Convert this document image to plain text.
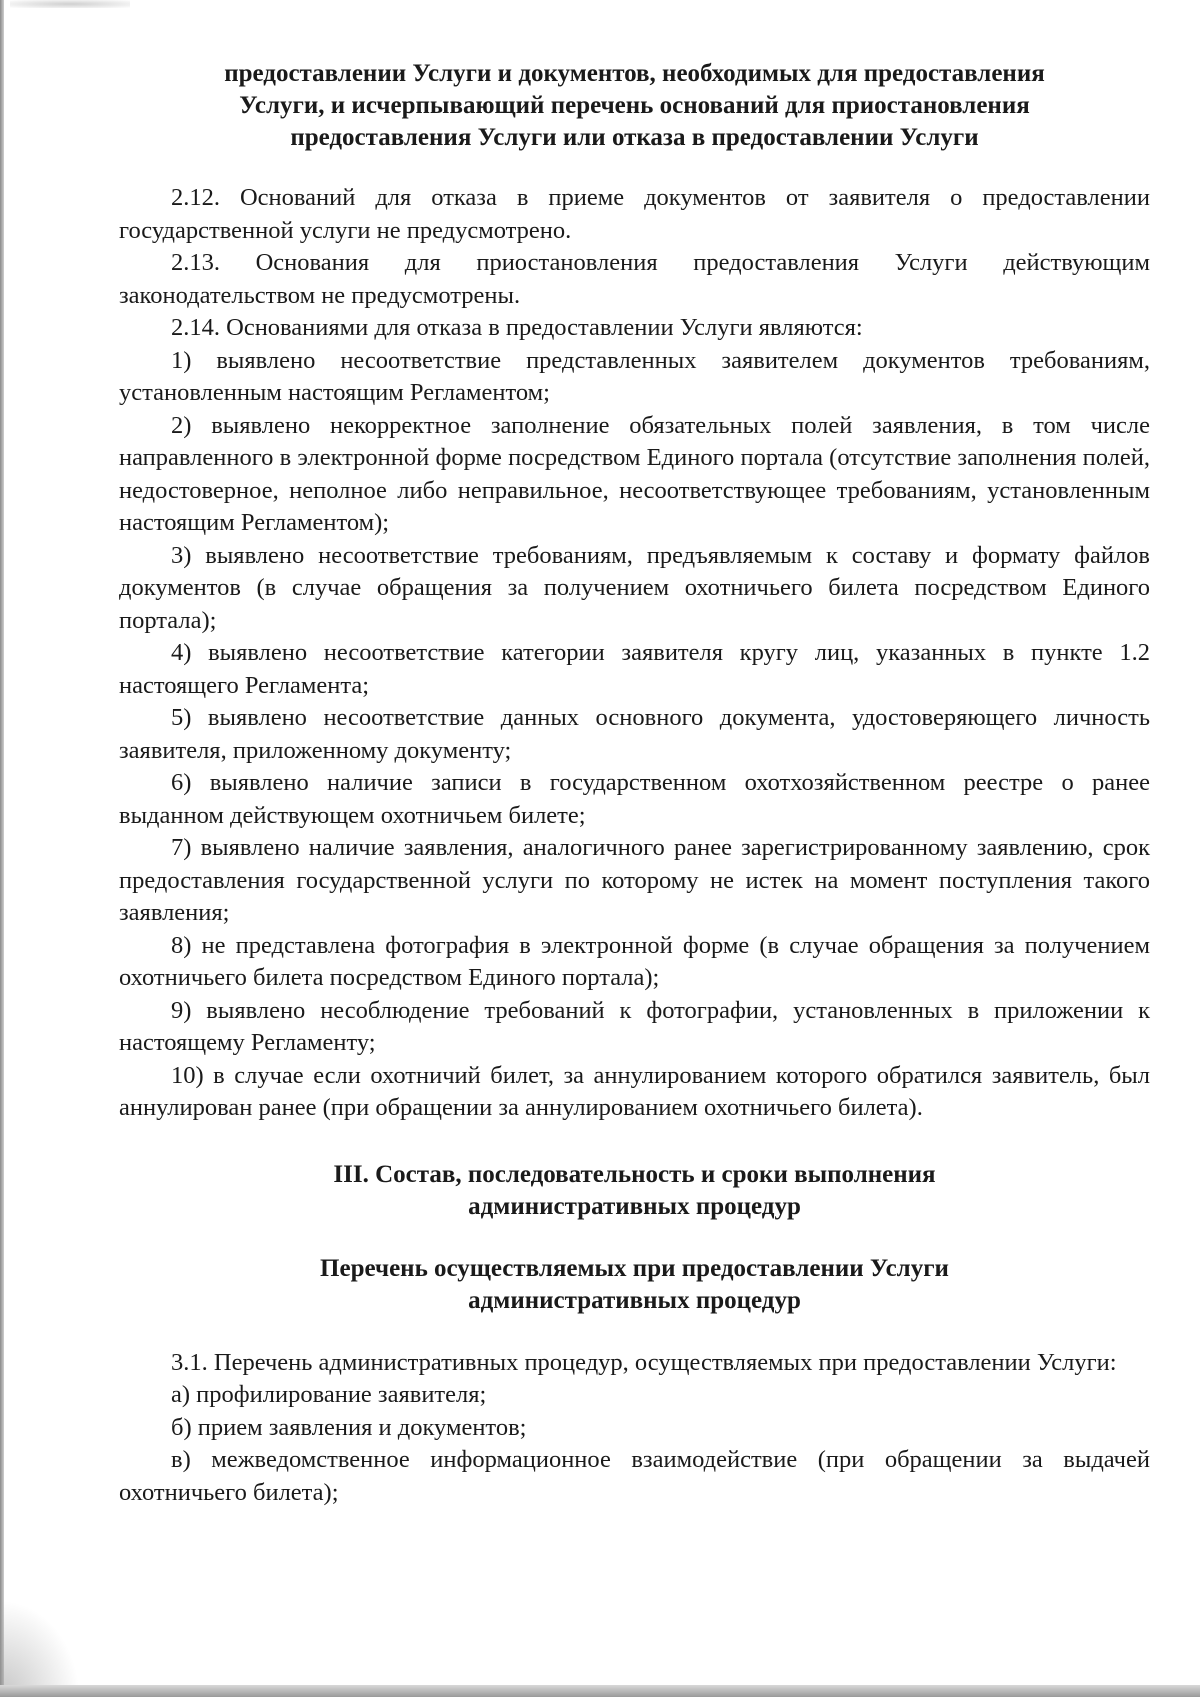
предоставлении Услуги и документов, необходимых для предоставления
Услуги, и исчерпывающий перечень оснований для приостановления
предоставления Услуги или отказа в предоставлении Услуги

2.12. Оснований для отказа в приеме документов от заявителя о предоставлении государственной услуги не предусмотрено.

2.13. Основания для приостановления предоставления Услуги действующим законодательством не предусмотрены.

2.14. Основаниями для отказа в предоставлении Услуги являются:

1) выявлено несоответствие представленных заявителем документов требованиям, установленным настоящим Регламентом;

2) выявлено некорректное заполнение обязательных полей заявления, в том числе направленного в электронной форме посредством Единого портала (отсутствие заполнения полей, недостоверное, неполное либо неправильное, несоответствующее требованиям, установленным настоящим Регламентом);

3) выявлено несоответствие требованиям, предъявляемым к составу и формату файлов документов (в случае обращения за получением охотничьего билета посредством Единого портала);

4) выявлено несоответствие категории заявителя кругу лиц, указанных в пункте 1.2 настоящего Регламента;

5) выявлено несоответствие данных основного документа, удостоверяющего личность заявителя, приложенному документу;

6) выявлено наличие записи в государственном охотхозяйственном реестре о ранее выданном действующем охотничьем билете;

7) выявлено наличие заявления, аналогичного ранее зарегистрированному заявлению, срок предоставления государственной услуги по которому не истек на момент поступления такого заявления;

8) не представлена фотография в электронной форме (в случае обращения за получением охотничьего билета посредством Единого портала);

9) выявлено несоблюдение требований к фотографии, установленных в приложении к настоящему Регламенту;

10) в случае если охотничий билет, за аннулированием которого обратился заявитель, был аннулирован ранее (при обращении за аннулированием охотничьего билета).

III. Состав, последовательность и сроки выполнения
административных процедур

Перечень осуществляемых при предоставлении Услуги
административных процедур

3.1. Перечень административных процедур, осуществляемых при предоставлении Услуги:

а) профилирование заявителя;

б) прием заявления и документов;

в) межведомственное информационное взаимодействие (при обращении за выдачей охотничьего билета);
